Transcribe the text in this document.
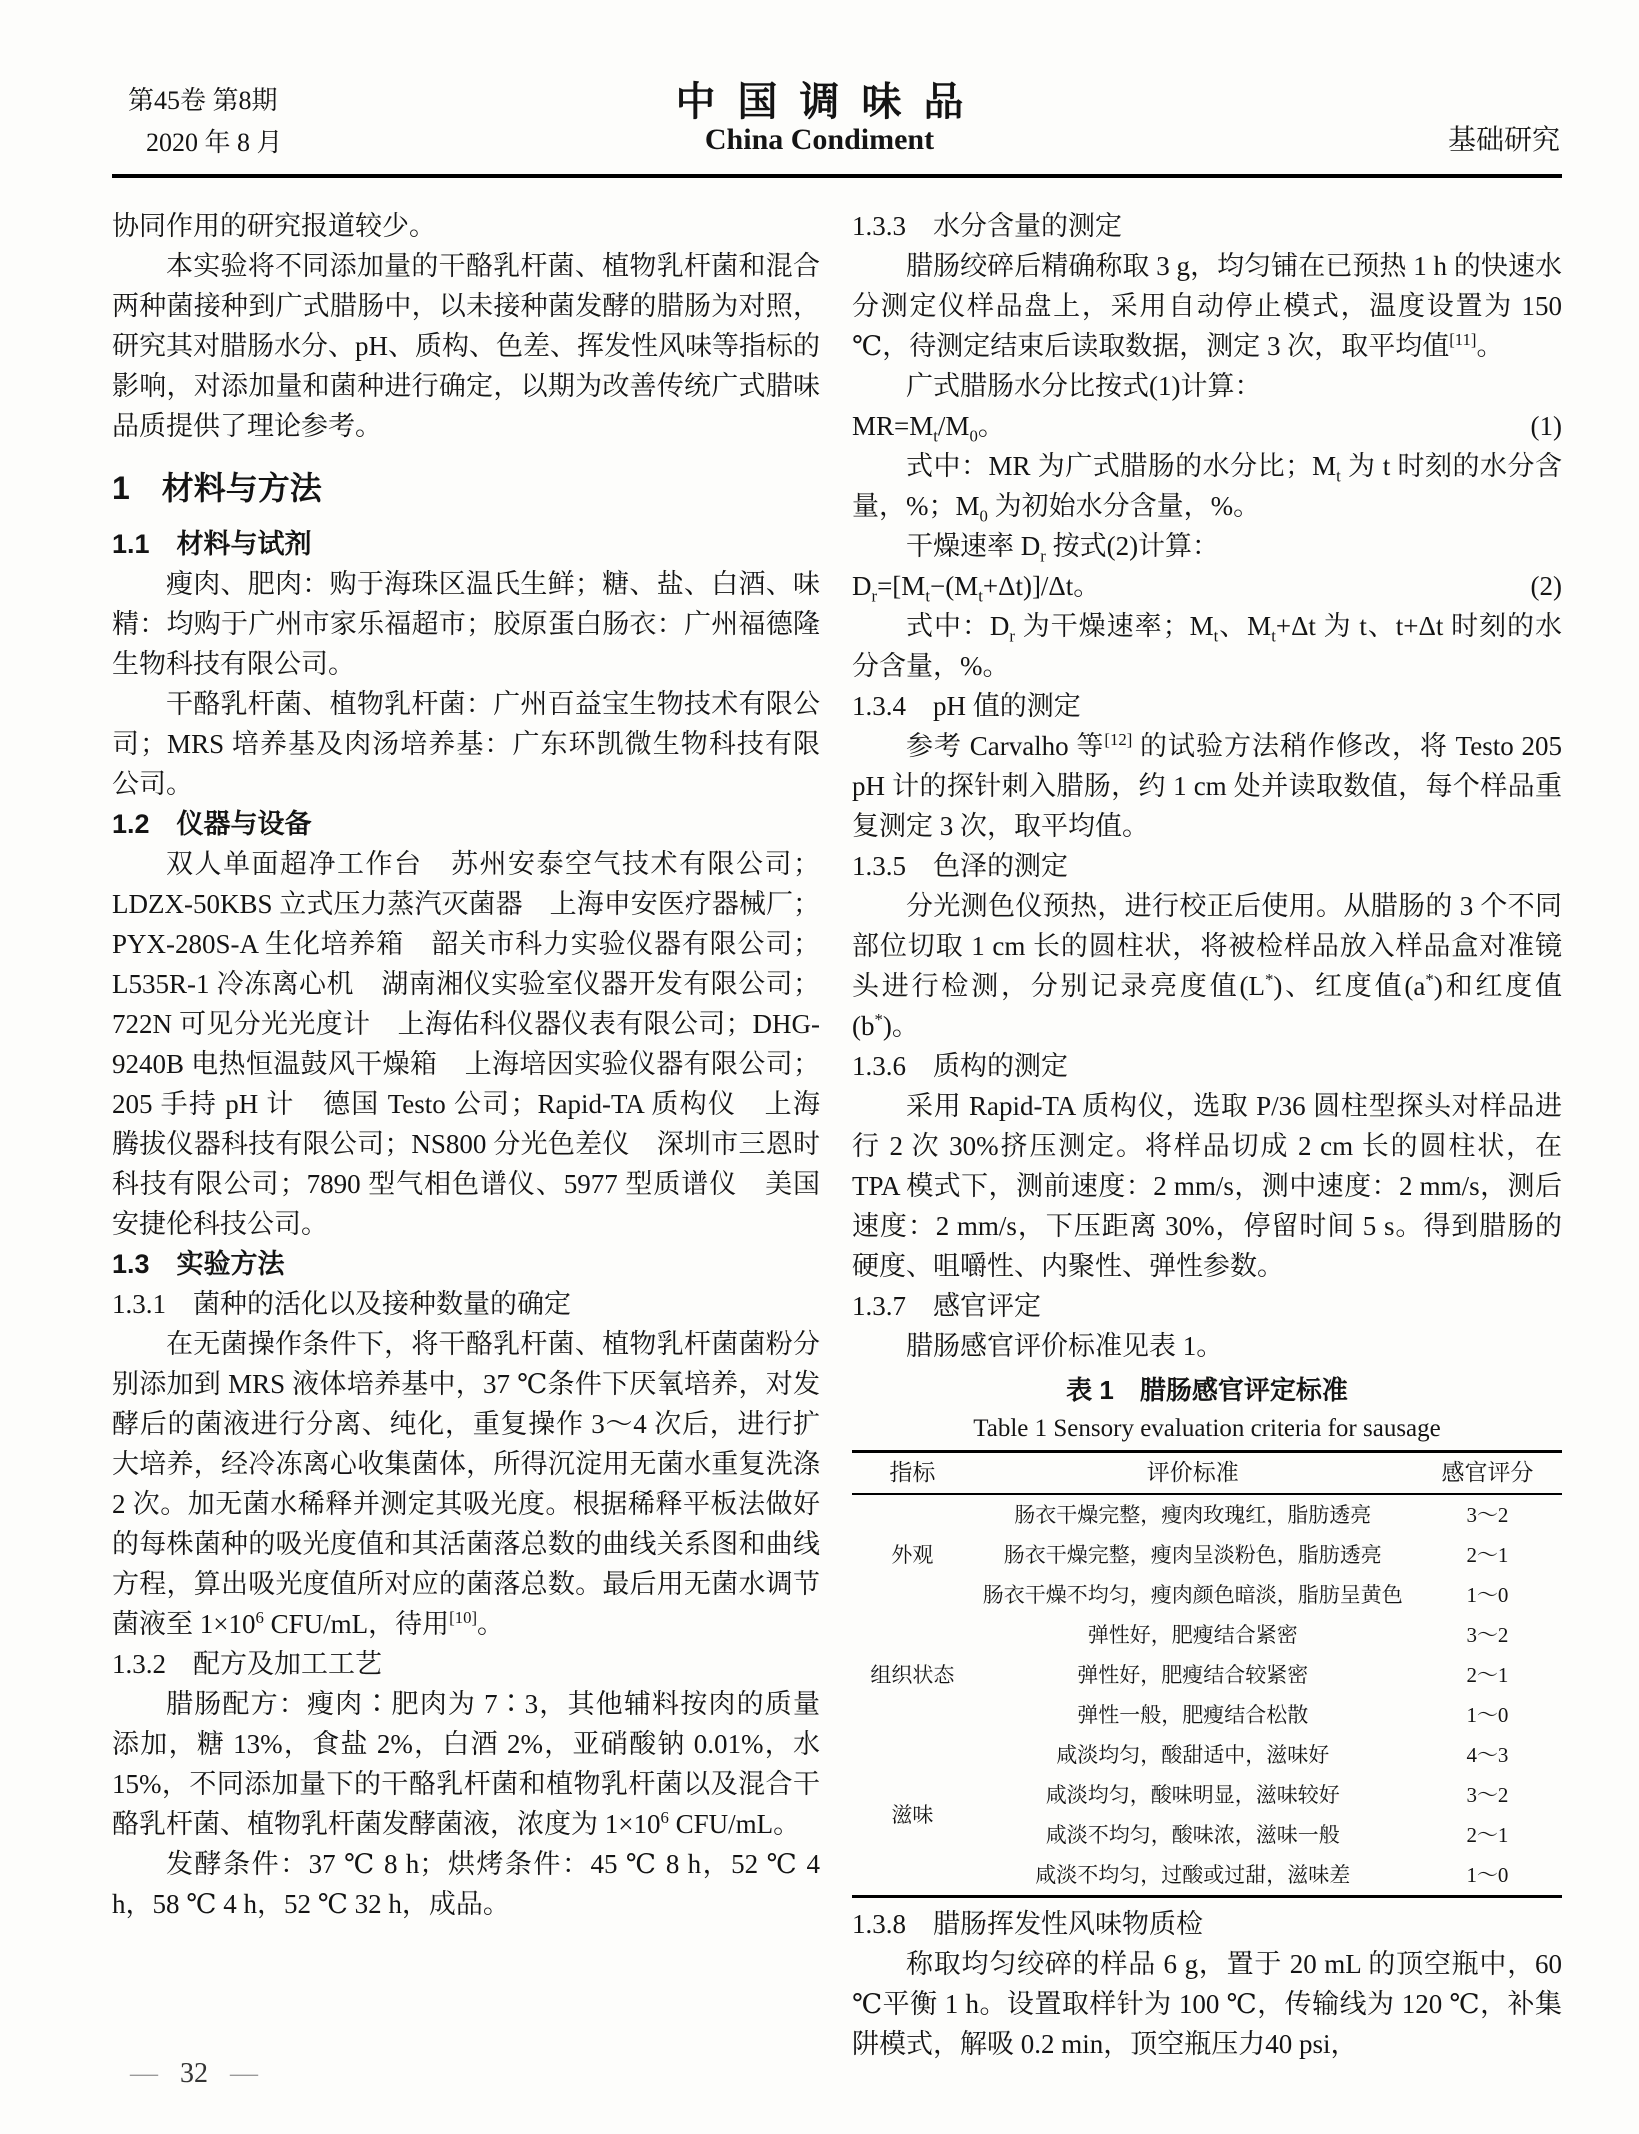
第45卷 第8期
2020 年 8 月
中国调味品
China Condiment	基础研究

协同作用的研究报道较少。

本实验将不同添加量的干酪乳杆菌、植物乳杆菌和混合两种菌接种到广式腊肠中，以未接种菌发酵的腊肠为对照，研究其对腊肠水分、pH、质构、色差、挥发性风味等指标的影响，对添加量和菌种进行确定，以期为改善传统广式腊味品质提供了理论参考。

1　材料与方法

1.1　材料与试剂

瘦肉、肥肉：购于海珠区温氏生鲜；糖、盐、白酒、味精：均购于广州市家乐福超市；胶原蛋白肠衣：广州福德隆生物科技有限公司。

干酪乳杆菌、植物乳杆菌：广州百益宝生物技术有限公司；MRS 培养基及肉汤培养基：广东环凯微生物科技有限公司。

1.2　仪器与设备

双人单面超净工作台　苏州安泰空气技术有限公司；LDZX-50KBS 立式压力蒸汽灭菌器　上海申安医疗器械厂；PYX-280S-A 生化培养箱　韶关市科力实验仪器有限公司；L535R-1 冷冻离心机　湖南湘仪实验室仪器开发有限公司；722N 可见分光光度计　上海佑科仪器仪表有限公司；DHG-9240B 电热恒温鼓风干燥箱　上海培因实验仪器有限公司；205 手持 pH 计　德国 Testo 公司；Rapid-TA 质构仪　上海腾拔仪器科技有限公司；NS800 分光色差仪　深圳市三恩时科技有限公司；7890 型气相色谱仪、5977 型质谱仪　美国安捷伦科技公司。

1.3　实验方法

1.3.1　菌种的活化以及接种数量的确定

在无菌操作条件下，将干酪乳杆菌、植物乳杆菌菌粉分别添加到 MRS 液体培养基中，37 ℃条件下厌氧培养，对发酵后的菌液进行分离、纯化，重复操作 3～4 次后，进行扩大培养，经冷冻离心收集菌体，所得沉淀用无菌水重复洗涤 2 次。加无菌水稀释并测定其吸光度。根据稀释平板法做好的每株菌种的吸光度值和其活菌落总数的曲线关系图和曲线方程，算出吸光度值所对应的菌落总数。最后用无菌水调节菌液至 $1\times 10^6$ CFU/mL，待用[10]。

1.3.2　配方及加工工艺

腊肠配方：瘦肉∶肥肉为 7∶3，其他辅料按肉的质量添加，糖 13%，食盐 2%，白酒 2%，亚硝酸钠 0.01%，水 15%，不同添加量下的干酪乳杆菌和植物乳杆菌以及混合干酪乳杆菌、植物乳杆菌发酵菌液，浓度为 $1\times 10^6$ CFU/mL。

发酵条件：37 ℃ 8 h；烘烤条件：45 ℃ 8 h，52 ℃ 4 h，58 ℃ 4 h，52 ℃ 32 h，成品。

1.3.3　水分含量的测定

腊肠绞碎后精确称取 3 g，均匀铺在已预热 1 h 的快速水分测定仪样品盘上，采用自动停止模式，温度设置为 150 ℃，待测定结束后读取数据，测定 3 次，取平均值[11]。

广式腊肠水分比按式(1)计算：

$MR=M_t/M_0$。	(1)

式中：MR 为广式腊肠的水分比；$M_t$ 为 t 时刻的水分含量，%；$M_0$ 为初始水分含量，%。

干燥速率 $D_r$ 按式(2)计算：

$D_r=[M_t-(M_t+\Delta t)]/\Delta t$。	(2)

式中：$D_r$ 为干燥速率；$M_t$、$M_t+\Delta t$ 为 t、t+Δt 时刻的水分含量，%。

1.3.4　pH 值的测定

参考 Carvalho 等[12] 的试验方法稍作修改，将 Testo 205 pH 计的探针刺入腊肠，约 1 cm 处并读取数值，每个样品重复测定 3 次，取平均值。

1.3.5　色泽的测定

分光测色仪预热，进行校正后使用。从腊肠的 3 个不同部位切取 1 cm 长的圆柱状，将被检样品放入样品盒对准镜头进行检测，分别记录亮度值(L*)、红度值(a*)和红度值(b*)。

1.3.6　质构的测定

采用 Rapid-TA 质构仪，选取 P/36 圆柱型探头对样品进行 2 次 30%挤压测定。将样品切成 2 cm 长的圆柱状，在 TPA 模式下，测前速度：2 mm/s，测中速度：2 mm/s，测后速度：2 mm/s，下压距离 30%，停留时间 5 s。得到腊肠的硬度、咀嚼性、内聚性、弹性参数。

1.3.7　感官评定

腊肠感官评价标准见表 1。

表 1　腊肠感官评定标准

Table 1 Sensory evaluation criteria for sausage

指标	评价标准	感官评分
外观	肠衣干燥完整，瘦肉玫瑰红，脂肪透亮	3～2
	肠衣干燥完整，瘦肉呈淡粉色，脂肪透亮	2～1
	肠衣干燥不均匀，瘦肉颜色暗淡，脂肪呈黄色	1～0
组织状态	弹性好，肥瘦结合紧密	3～2
	弹性好，肥瘦结合较紧密	2～1
	弹性一般，肥瘦结合松散	1～0
滋味	咸淡均匀，酸甜适中，滋味好	4～3
	咸淡均匀，酸味明显，滋味较好	3～2
	咸淡不均匀，酸味浓，滋味一般	2～1
	咸淡不均匀，过酸或过甜，滋味差	1～0

1.3.8　腊肠挥发性风味物质检

称取均匀绞碎的样品 6 g，置于 20 mL 的顶空瓶中，60 ℃平衡 1 h。设置取样针为 100 ℃，传输线为 120 ℃，补集阱模式，解吸 0.2 min，顶空瓶压力40 psi，

— 32 —
